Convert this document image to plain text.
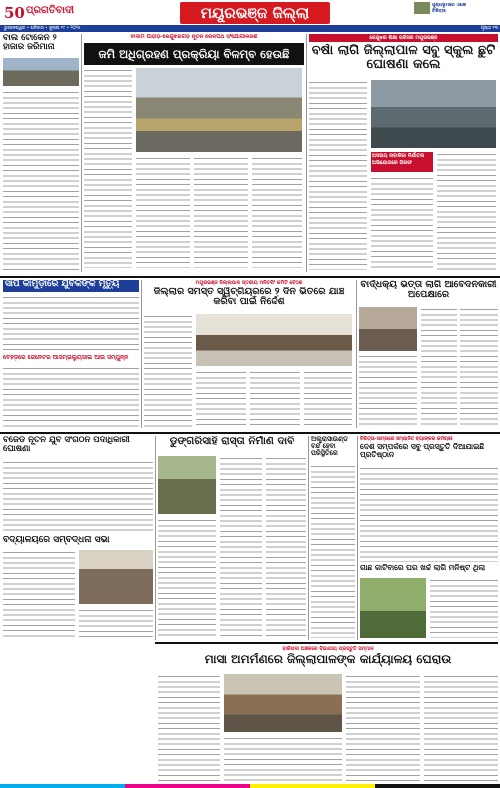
50 ପ୍ରଗତିବାଦୀ	ମୟୂରଭଞ୍ଜ ଜିଲ୍ଲା	ପୁଷ୍ପଭୂମିରେ ଏଣିକି
ଚିକିତ୍ସା
ଭୁବନେଶ୍ୱର • ଶନିବାର • ଜୁଲାଇ ୧୯ • ୨୦୨୫	ପୃଷ୍ଠା ୧୩
ବାଲି ଟୋକେନ ୨ ହାଜାର ଜରିମାନା
ବାଦାମ ପାହାଡ଼-କେନ୍ଦୁଝରଗଡ଼ ନୂତନ ରେଳପଥ ସଂଯୋଗୀକରଣ
ଜମି ଅଧିଗ୍ରହଣ ପ୍ରକ୍ରିୟା ବିଳମ୍ବ ହେଉଛି
କେନ୍ଦୁଝର ଶିକ୍ଷା ପରିସର ମୟୂରଭଞ୍ଜ
ବର୍ଷା ଲାଗି ଜିଲ୍ଲାପାଳ ସବୁ ସ୍କୁଲ ଛୁଟି ଘୋଷଣା କଲେ
ଅସହାୟ ନାବାଳିକା ନିର୍ଯାତନା ଅଭିଯୋଗରେ ଗିରଫ
ସାପ କାମୁଡ଼ାରେ ଯୁବକଙ୍କ ମୃତ୍ୟୁ
ବେହିଡ଼ିରେ ଜେନେଟର ଆସମ୍ଭଲ୍ୟୁସାଇ ଆଉ ସମ୍ପୁନ୍ନ
ମୟୂରଭଞ୍ଜ ଜିଲ୍ଲାପାଳ ସ୍ତରୀୟ ମନିଟରିଂ କମିଟି ବୈଠକ
ଜିଲ୍ଲାର ସମସ୍ତ ସ୍ୱିଚ୍‌ଗିୟରରେ ୨ ଦିନ ଭିତରେ ଯାଞ୍ଚ କରିବା ପାଇଁ ନିର୍ଦ୍ଦେଶ
ବାର୍ଦ୍ଧକ୍ୟ ଭତ୍ତା ଲାଗି ଆବେଦନକାରୀ ଅପେକ୍ଷାରେ
ବିଜେଡି ନୂତନ ଯୁବ ସଂଗଠନ ପଦାଧିକାରୀ ଘୋଷଣା
ବିଦ୍ୟାଳୟରେ ସମ୍ବର୍ଦ୍ଧନା ସଭା
ଡୁଙ୍ଗରିସାହି ରାସ୍ତା ନିର୍ମାଣ ଦାବି	ଅଲ୍ଟ୍ରାସାଉଣ୍ଡ ବନ୍ଦ ହେବା ପରିସ୍ଥିତିରେ
ଚିକିତ୍ସା-ସାମ୍ନାରେ ସମ୍ପାଦିତ ବ୍ୟାଙ୍କର କର୍ମଚାରୀ
ଦେଶ ସମ୍ପର୍କରେ ସବୁ ପ୍ରସ୍ତୁତି ଦିଆଯାଇଛି ପ୍ରତିଷ୍ଠାନ
ଗାଛ କାଟିବାରେ ଘର ଖର୍ଚ୍ଚ ଲାଗି ମନିଷ୍ଟ ଥିଲା
ବାରିପଦା ଅଞ୍ଚଳରେ ବିଭାଗୀୟ ପ୍ରସ୍ତୁତି ସମ୍ମାନ
ମାସା ଅମର୍ମଣରେ ଜିଲ୍ଲାପାଳଙ୍କ କାର୍ଯ୍ୟାଳୟ ଘେରାଉ
